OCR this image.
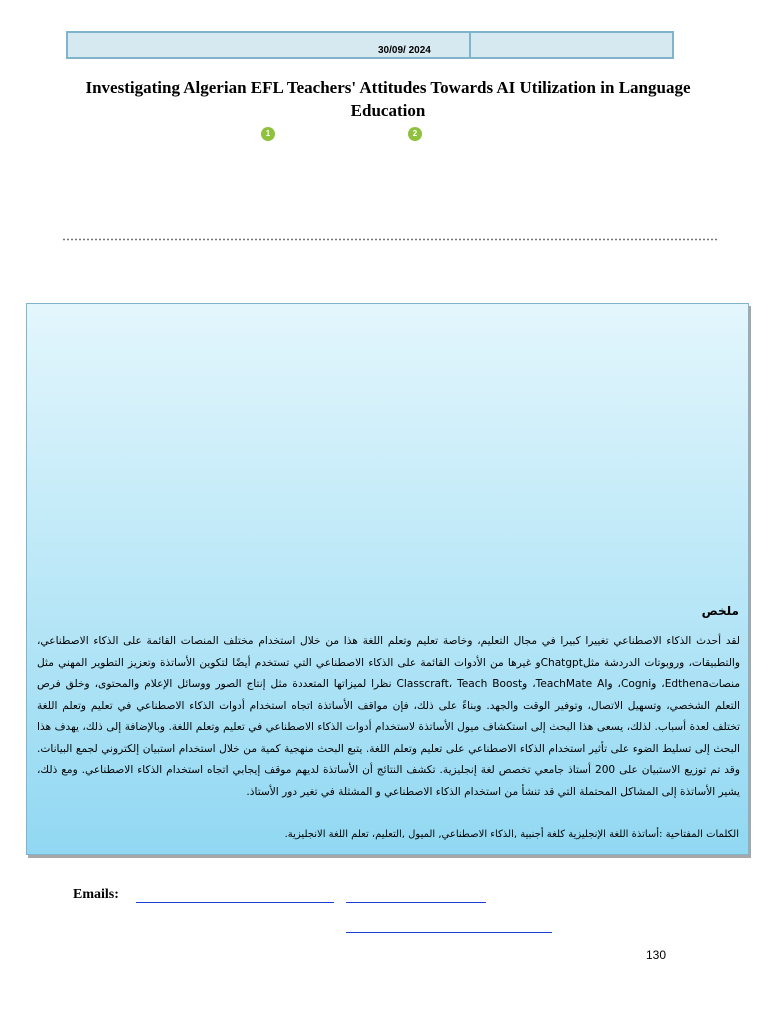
30/09/ 2024
Investigating Algerian EFL Teachers' Attitudes Towards AI Utilization in Language Education
1	2
ملخص
لقد أحدث الذكاء الاصطناعي تغييرا كبيرا في مجال التعليم، وخاصة تعليم وتعلم اللغة هذا من خلال استخدام مختلف المنصات القائمة على الذكاء الاصطناعي، والتطبيقات، وروبوتات الدردشة مثلChatgptو غيرها من الأدوات القائمة على الذكاء الاصطناعي التي تستخدم أيضًا لتكوين الأساتذة وتعزيز التطوير المهني مثل منصاتEdthena، وCogni، وTeachMate AI، وClasscraft، Teach Boost نظرا لميزاتها المتعددة مثل إنتاج الصور ووسائل الإعلام والمحتوى، وخلق فرص التعلم الشخصي، وتسهيل الاتصال، وتوفير الوقت والجهد. وبناءً على ذلك، فإن مواقف الأساتذة اتجاه استخدام أدوات الذكاء الاصطناعي في تعليم وتعلم اللغة تختلف لعدة أسباب. لذلك، يسعى هذا البحث إلى استكشاف ميول الأساتذة لاستخدام أدوات الذكاء الاصطناعي في تعليم وتعلم اللغة. وبالإضافة إلى ذلك، يهدف هذا البحث إلى تسليط الضوء على تأثير استخدام الذكاء الاصطناعي على تعليم وتعلم اللغة. يتبع البحث منهجية كمية من خلال استخدام استبيان إلكتروني لجمع البيانات. وقد تم توزيع الاستبيان على 200 أستاذ جامعي تخصص لغة إنجليزية. تكشف النتائج أن الأساتذة لديهم موقف إيجابي اتجاه استخدام الذكاء الاصطناعي. ومع ذلك، يشير الأساتذة إلى المشاكل المحتملة التي قد تنشأ من استخدام الذكاء الاصطناعي و المشثلة في تغير دور الأستاذ.
الكلمات المفتاحية :أساتذة اللغة الإنجليزية كلغة أجنبية ,الذكاء الاصطناعي, الميول ,التعليم، تعلم اللغة الانجليزية.
Emails:
130
